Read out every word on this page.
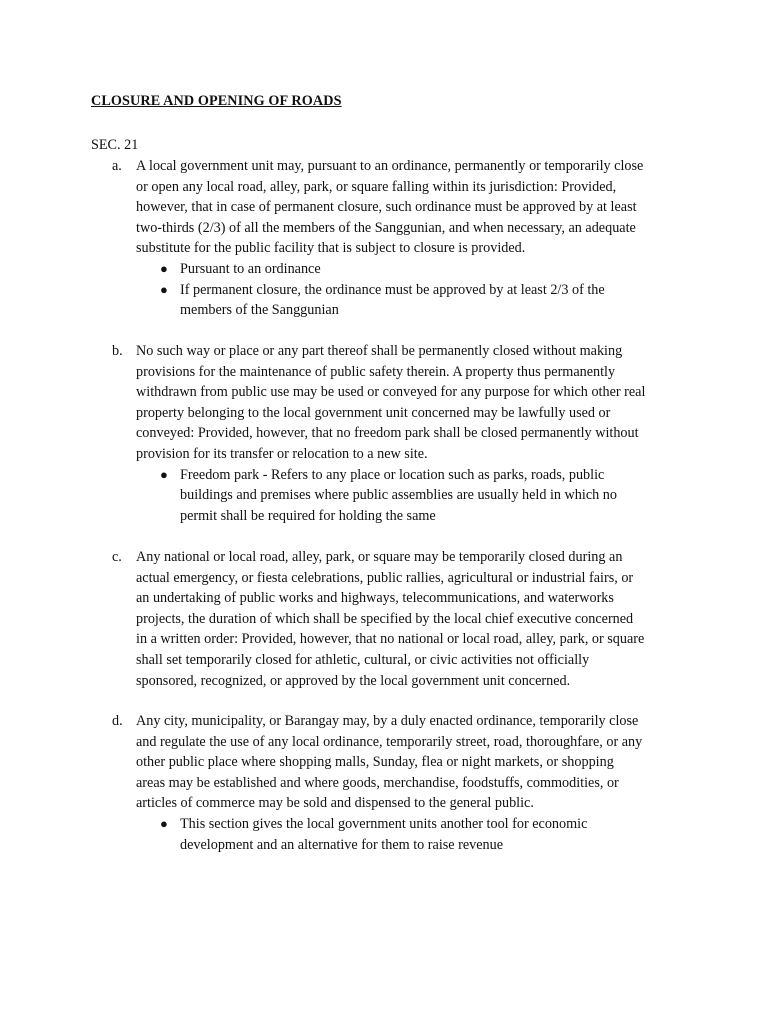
CLOSURE AND OPENING OF ROADS
SEC. 21
a. A local government unit may, pursuant to an ordinance, permanently or temporarily close
or open any local road, alley, park, or square falling within its jurisdiction: Provided,
however, that in case of permanent closure, such ordinance must be approved by at least
two-thirds (2/3) of all the members of the Sanggunian, and when necessary, an adequate
substitute for the public facility that is subject to closure is provided.
● Pursuant to an ordinance
● If permanent closure, the ordinance must be approved by at least 2/3 of the
members of the Sanggunian
b. No such way or place or any part thereof shall be permanently closed without making
provisions for the maintenance of public safety therein. A property thus permanently
withdrawn from public use may be used or conveyed for any purpose for which other real
property belonging to the local government unit concerned may be lawfully used or
conveyed: Provided, however, that no freedom park shall be closed permanently without
provision for its transfer or relocation to a new site.
● Freedom park - Refers to any place or location such as parks, roads, public
buildings and premises where public assemblies are usually held in which no
permit shall be required for holding the same
c. Any national or local road, alley, park, or square may be temporarily closed during an
actual emergency, or fiesta celebrations, public rallies, agricultural or industrial fairs, or
an undertaking of public works and highways, telecommunications, and waterworks
projects, the duration of which shall be specified by the local chief executive concerned
in a written order: Provided, however, that no national or local road, alley, park, or square
shall set temporarily closed for athletic, cultural, or civic activities not officially
sponsored, recognized, or approved by the local government unit concerned.
d. Any city, municipality, or Barangay may, by a duly enacted ordinance, temporarily close
and regulate the use of any local ordinance, temporarily street, road, thoroughfare, or any
other public place where shopping malls, Sunday, flea or night markets, or shopping
areas may be established and where goods, merchandise, foodstuffs, commodities, or
articles of commerce may be sold and dispensed to the general public.
● This section gives the local government units another tool for economic
development and an alternative for them to raise revenue
